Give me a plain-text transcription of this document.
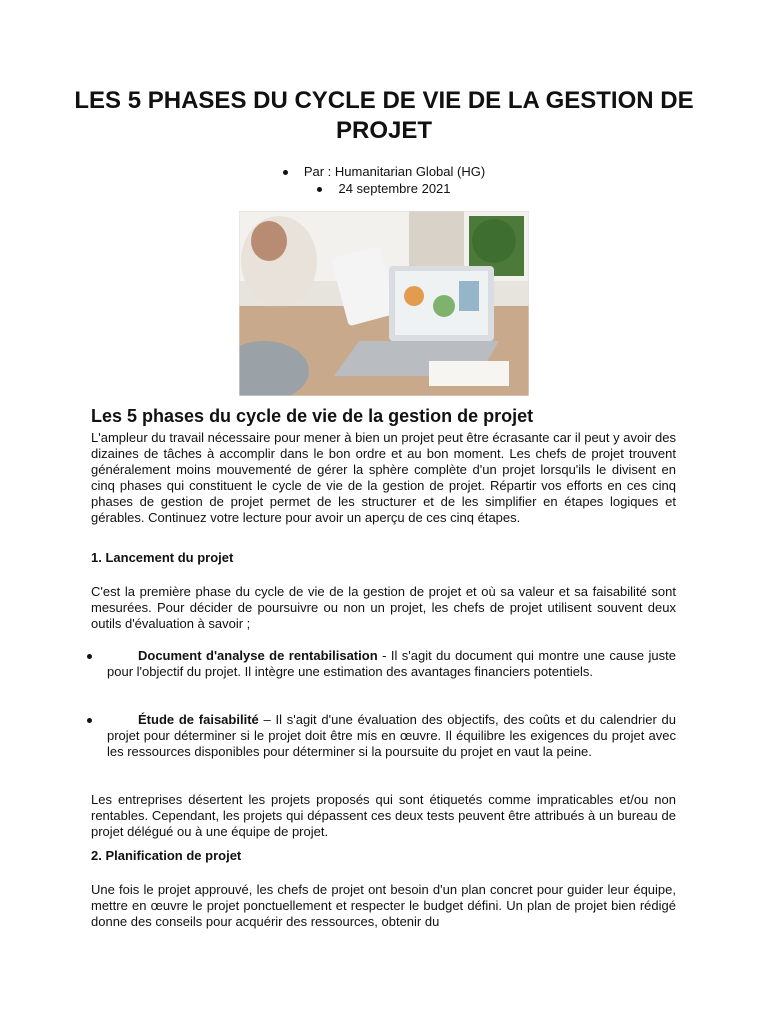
LES 5 PHASES DU CYCLE DE VIE DE LA GESTION DE PROJET
Par : Humanitarian Global (HG)
24 septembre 2021
Les 5 phases du cycle de vie de la gestion de projet

L'ampleur du travail nécessaire pour mener à bien un projet peut être écrasante car il peut y avoir des dizaines de tâches à accomplir dans le bon ordre et au bon moment. Les chefs de projet trouvent généralement moins mouvementé de gérer la sphère complète d'un projet lorsqu'ils le divisent en cinq phases qui constituent le cycle de vie de la gestion de projet. Répartir vos efforts en ces cinq phases de gestion de projet permet de les structurer et de les simplifier en étapes logiques et gérables. Continuez votre lecture pour avoir un aperçu de ces cinq étapes.

1. Lancement du projet

C'est la première phase du cycle de vie de la gestion de projet et où sa valeur et sa faisabilité sont mesurées. Pour décider de poursuivre ou non un projet, les chefs de projet utilisent souvent deux outils d'évaluation à savoir ;

Document d'analyse de rentabilisation - Il s'agit du document qui montre une cause juste pour l'objectif du projet. Il intègre une estimation des avantages financiers potentiels.

Étude de faisabilité – Il s'agit d'une évaluation des objectifs, des coûts et du calendrier du projet pour déterminer si le projet doit être mis en œuvre. Il équilibre les exigences du projet avec les ressources disponibles pour déterminer si la poursuite du projet en vaut la peine.

Les entreprises désertent les projets proposés qui sont étiquetés comme impraticables et/ou non rentables. Cependant, les projets qui dépassent ces deux tests peuvent être attribués à un bureau de projet délégué ou à une équipe de projet.

2. Planification de projet

Une fois le projet approuvé, les chefs de projet ont besoin d'un plan concret pour guider leur équipe, mettre en œuvre le projet ponctuellement et respecter le budget défini. Un plan de projet bien rédigé donne des conseils pour acquérir des ressources, obtenir du
